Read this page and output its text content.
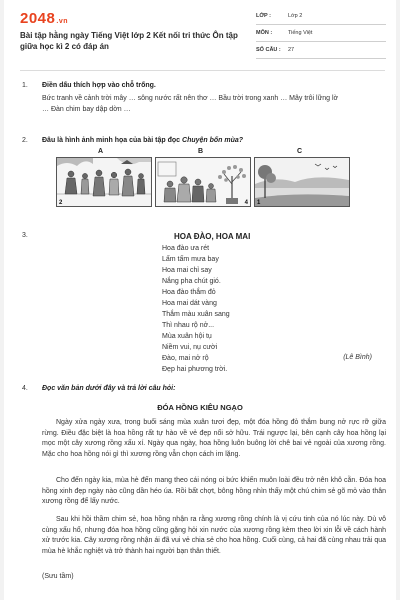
2048.vn
Bài tập hằng ngày Tiếng Việt lớp 2 Kết nối tri thức Ôn tập giữa học kì 2 có đáp án
LỚP :	Lớp 2
MÔN :	Tiếng Việt
SỐ CÂU : 27
1. Điền dấu thích hợp vào chỗ trống.
Bức tranh về cảnh trời mây … sông nước rất nên thơ … Bầu trời trong xanh … Mây trôi lững lờ
… Đàn chim bay dập dờn …
2. Đâu là hình ảnh minh họa của bài tập đọc Chuyện bốn mùa?
A	B	C
2	4 1
3.	HOA ĐÀO, HOA MAI
Hoa đào ưa rét
Lấm tấm mưa bay
Hoa mai chỉ say
Nắng pha chút gió.
Hoa đào thắm đỏ
Hoa mai dát vàng
Thắm màu xuân sang
Thì nhau rộ nở...
Mùa xuân hội tụ
Niềm vui, nụ cười
Đào, mai nở rộ
Đẹp hai phương trời.
(Lê Bình)
4. Đọc văn bản dưới đây và trả lời câu hỏi:
ĐÓA HỒNG KIÊU NGẠO
Ngày xửa ngày xưa, trong buổi sáng mùa xuân tươi đẹp, một đóa hồng đỏ thắm bung nở rực rỡ giữa rừng. Điều đặc biệt là hoa hồng rất tự hào về vẻ đẹp nổi sở hữu. Trái ngược lại, bên cạnh cây hoa hồng lại mọc một cây xương rồng xấu xí. Ngày qua ngày, hoa hồng luôn buông lời chê bai vẻ ngoài của xương rồng. Mặc cho hoa hồng nói gì thì xương rồng vẫn chọn cách im lặng.
Cho đến ngày kia, mùa hè đến mang theo cái nóng oi bức khiến muôn loài đều trở nên khô cằn. Đóa hoa hồng xinh đẹp ngày nào cũng dần héo úa. Rồi bất chợt, bông hồng nhìn thấy một chú chim sẻ gõ mỏ vào thân xương rồng để lấy nước.
Sau khi hồi thầm chim sẻ, hoa hồng nhận ra rằng xương rồng chính là vị cứu tinh của nó lúc này. Dù vô cùng xấu hổ, nhưng đóa hoa hồng cũng gặng hỏi xin nước của xương rồng kèm theo lời xin lỗi về cách hành xử trước kia. Cây xương rồng nhận ái đã vui vẻ chia sẻ cho hoa hồng. Cuối cùng, cả hai đã cùng nhau trải qua mùa hè khắc nghiệt và trở thành hai người bạn thân thiết.
(Sưu tầm)
